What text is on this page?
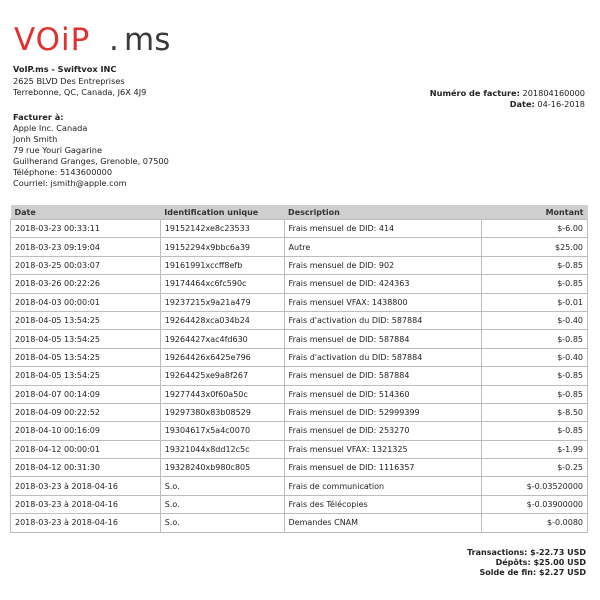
VOiP . ms
VoIP.ms - Swiftvox INC
2625 BLVD Des Entreprises
Terrebonne, QC, Canada, J6X 4J9	Numéro de facture: 201804160000
Date: 04-16-2018
Facturer à:
Apple Inc. Canada
Jonh Smith
79 rue Youri Gagarine
Guilherand Granges, Grenoble, 07500
Téléphone: 5143600000
Courriel: jsmith@apple.com
Date	Identification unique	Description	Montant
2018-03-23 00:33:11	19152142xe8c23533	Frais mensuel de DID: 414	$-6.00
2018-03-23 09:19:04	19152294x9bbc6a39	Autre	$25.00
2018-03-25 00:03:07	19161991xccff8efb	Frais mensuel de DID: 902	$-0.85
2018-03-26 00:22:26	19174464xc6fc590c	Frais mensuel de DID: 424363	$-0.85
2018-04-03 00:00:01	19237215x9a21a479	Frais mensuel VFAX: 1438800	$-0.01
2018-04-05 13:54:25	19264428xca034b24	Frais d'activation du DID: 587884	$-0.40
2018-04-05 13:54:25	19264427xac4fd630	Frais mensuel de DID: 587884	$-0.85
2018-04-05 13:54:25	19264426x6425e796	Frais d'activation du DID: 587884	$-0.40
2018-04-05 13:54:25	19264425xe9a8f267	Frais mensuel de DID: 587884	$-0.85
2018-04-07 00:14:09	19277443x0f60a50c	Frais mensuel de DID: 514360	$-0.85
2018-04-09 00:22:52	19297380x83b08529	Frais mensuel de DID: 52999399	$-8.50
2018-04-10 00:16:09	19304617x5a4c0070	Frais mensuel de DID: 253270	$-0.85
2018-04-12 00:00:01	19321044x8dd12c5c	Frais mensuel VFAX: 1321325	$-1.99
2018-04-12 00:31:30	19328240xb980c805	Frais mensuel de DID: 1116357	$-0.25
2018-03-23 à 2018-04-16	S.o.	Frais de communication	$-0.03520000
2018-03-23 à 2018-04-16	S.o.	Frais des Télécopies	$-0.03900000
2018-03-23 à 2018-04-16	S.o.	Demandes CNAM	$-0.0080
Transactions: $-22.73 USD
Dépôts: $25.00 USD
Solde de fin: $2.27 USD
